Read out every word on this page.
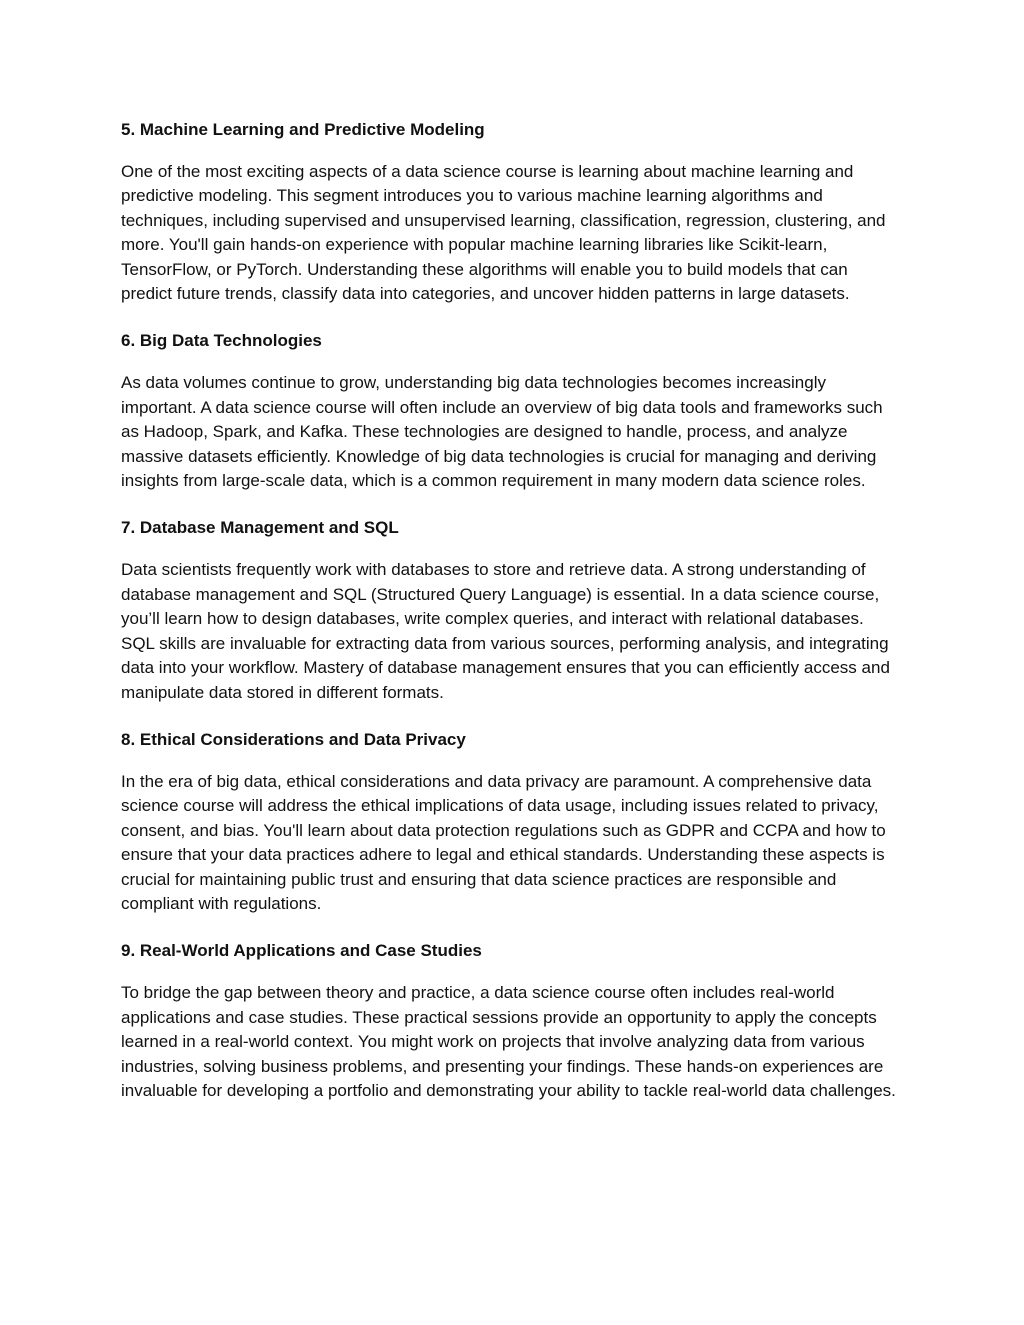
5. Machine Learning and Predictive Modeling

One of the most exciting aspects of a data science course is learning about machine learning and predictive modeling. This segment introduces you to various machine learning algorithms and techniques, including supervised and unsupervised learning, classification, regression, clustering, and more. You'll gain hands-on experience with popular machine learning libraries like Scikit-learn, TensorFlow, or PyTorch. Understanding these algorithms will enable you to build models that can predict future trends, classify data into categories, and uncover hidden patterns in large datasets.

6. Big Data Technologies

As data volumes continue to grow, understanding big data technologies becomes increasingly important. A data science course will often include an overview of big data tools and frameworks such as Hadoop, Spark, and Kafka. These technologies are designed to handle, process, and analyze massive datasets efficiently. Knowledge of big data technologies is crucial for managing and deriving insights from large-scale data, which is a common requirement in many modern data science roles.

7. Database Management and SQL

Data scientists frequently work with databases to store and retrieve data. A strong understanding of database management and SQL (Structured Query Language) is essential. In a data science course, you’ll learn how to design databases, write complex queries, and interact with relational databases. SQL skills are invaluable for extracting data from various sources, performing analysis, and integrating data into your workflow. Mastery of database management ensures that you can efficiently access and manipulate data stored in different formats.

8. Ethical Considerations and Data Privacy

In the era of big data, ethical considerations and data privacy are paramount. A comprehensive data science course will address the ethical implications of data usage, including issues related to privacy, consent, and bias. You'll learn about data protection regulations such as GDPR and CCPA and how to ensure that your data practices adhere to legal and ethical standards. Understanding these aspects is crucial for maintaining public trust and ensuring that data science practices are responsible and compliant with regulations.

9. Real-World Applications and Case Studies

To bridge the gap between theory and practice, a data science course often includes real-world applications and case studies. These practical sessions provide an opportunity to apply the concepts learned in a real-world context. You might work on projects that involve analyzing data from various industries, solving business problems, and presenting your findings. These hands-on experiences are invaluable for developing a portfolio and demonstrating your ability to tackle real-world data challenges.
